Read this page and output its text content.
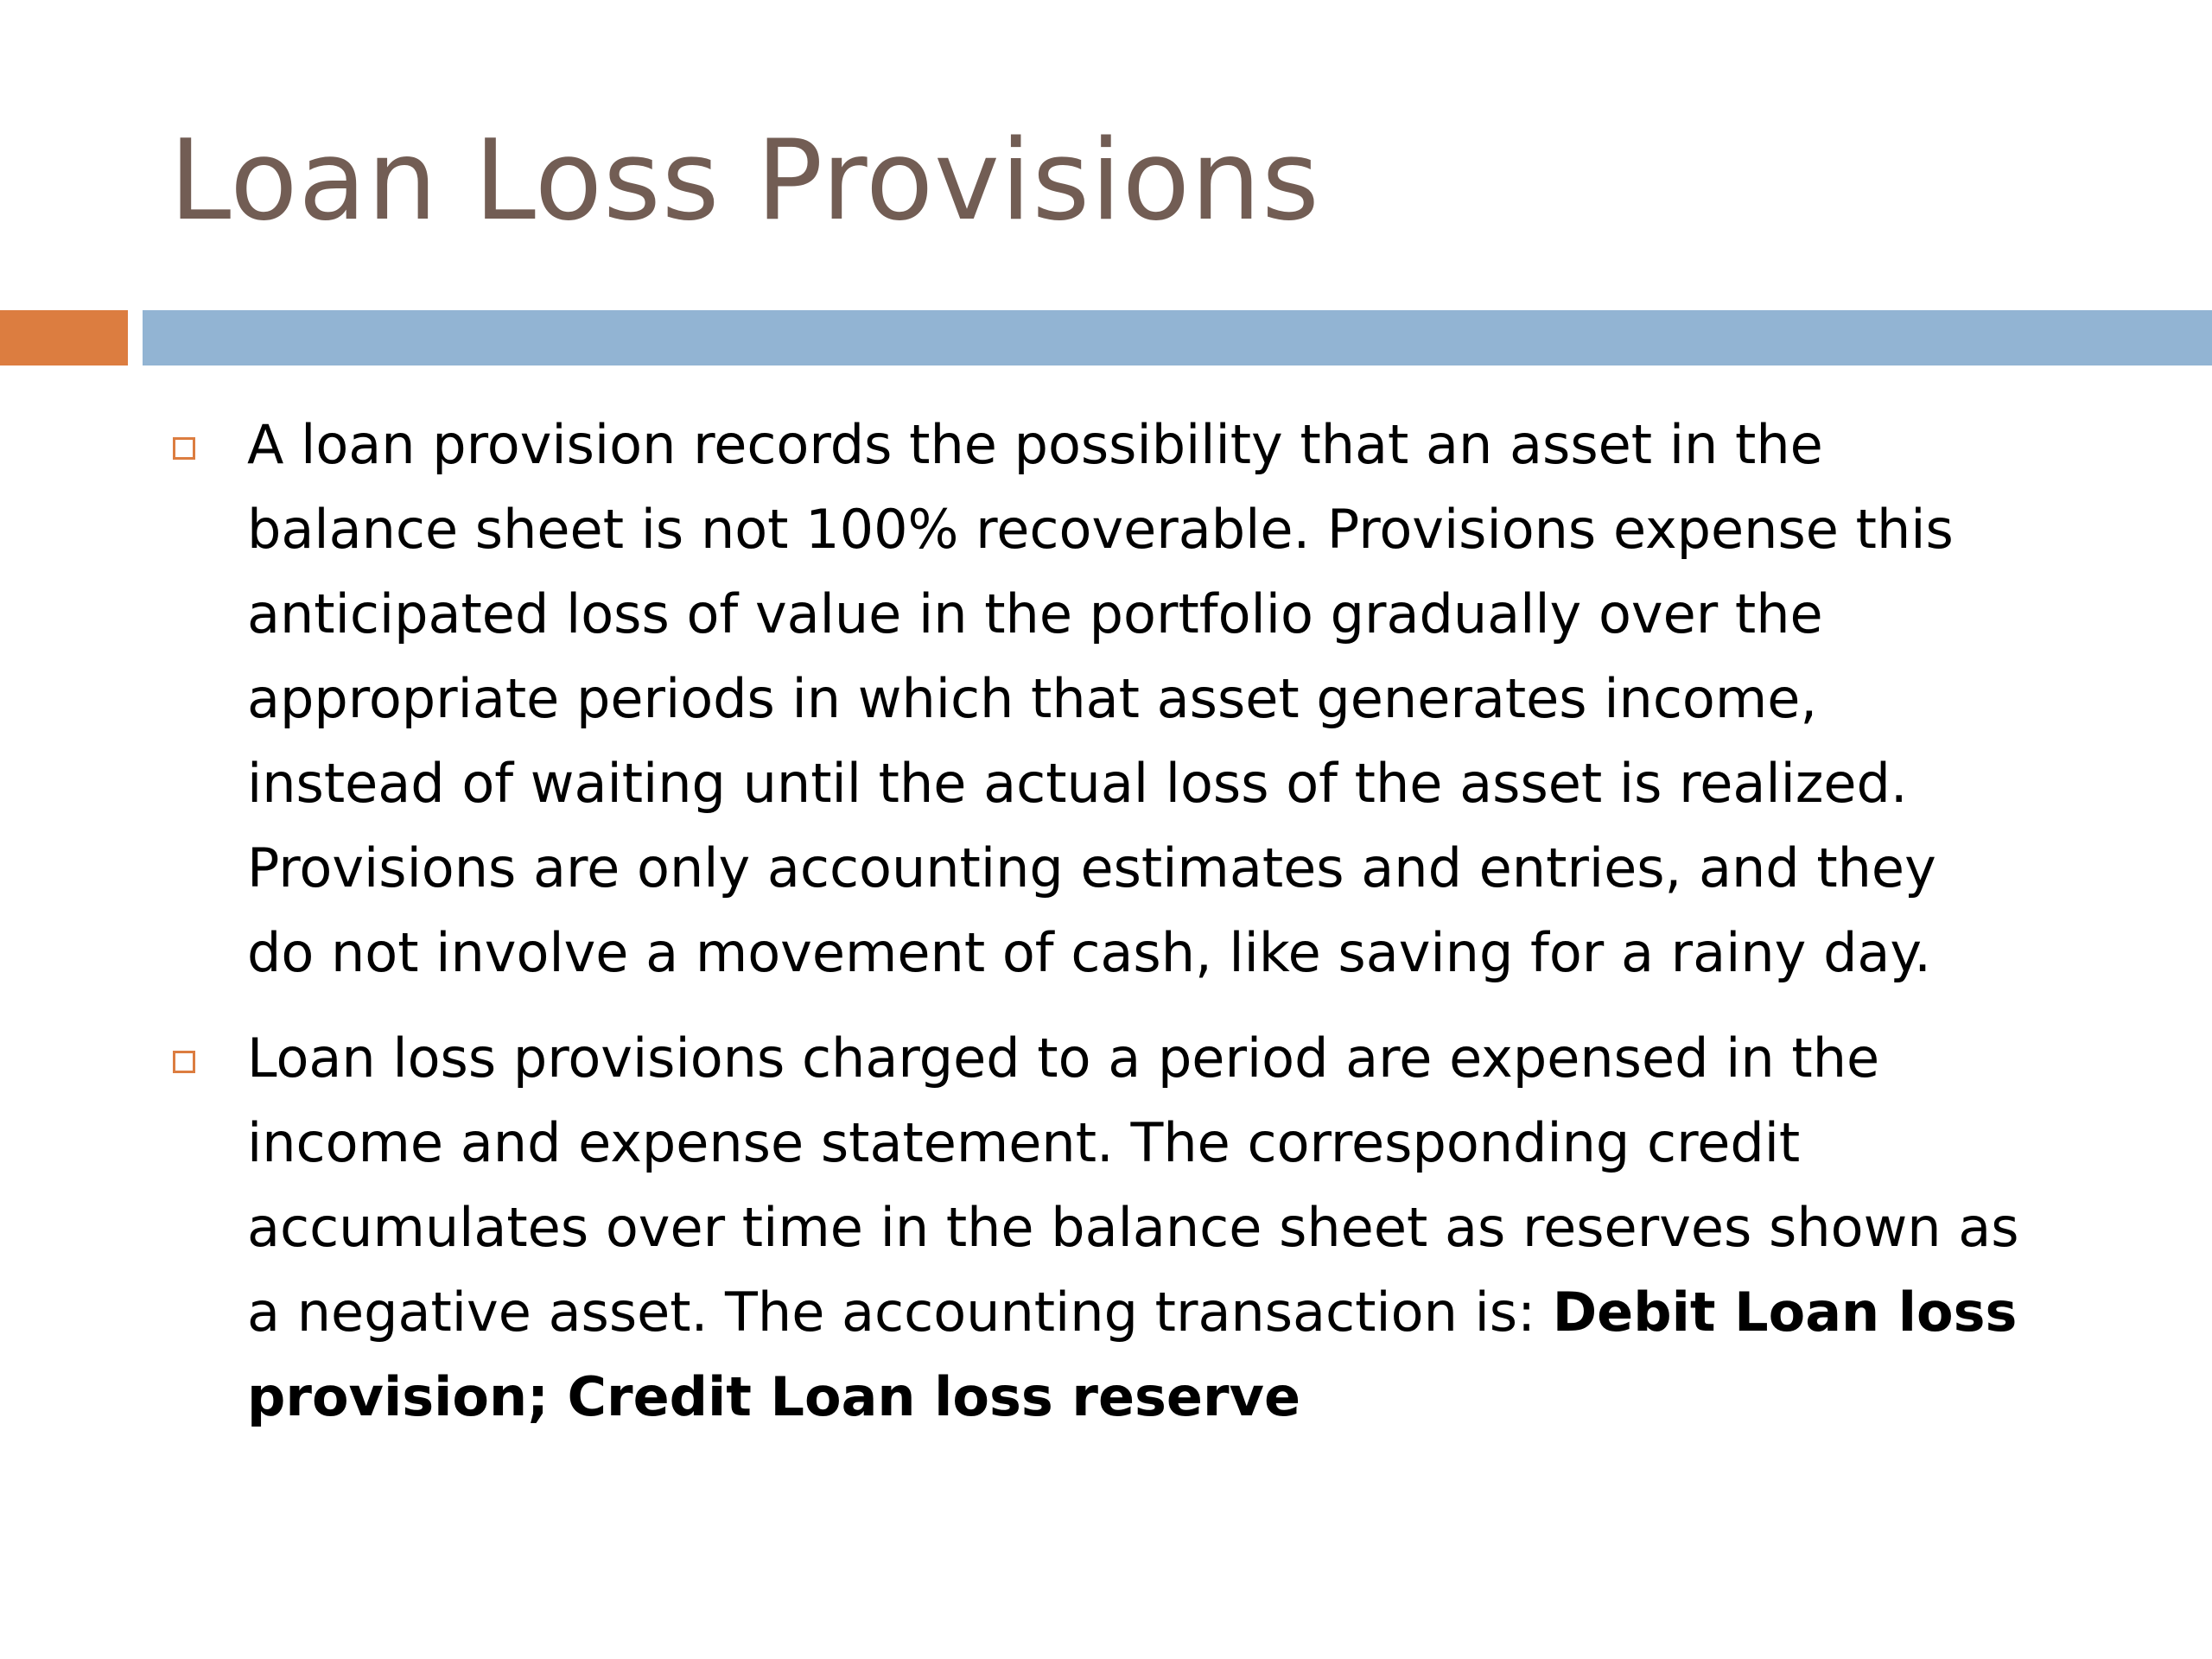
Loan Loss Provisions
A loan provision records the possibility that an asset in the
balance sheet is not 100% recoverable. Provisions expense this
anticipated loss of value in the portfolio gradually over the
appropriate periods in which that asset generates income,
instead of waiting until the actual loss of the asset is realized.
Provisions are only accounting estimates and entries, and they
do not involve a movement of cash, like saving for a rainy day.
Loan loss provisions charged to a period are expensed in the
income and expense statement. The corresponding credit
accumulates over time in the balance sheet as reserves shown as
a negative asset. The accounting transaction is: Debit Loan loss
provision; Credit Loan loss reserve
